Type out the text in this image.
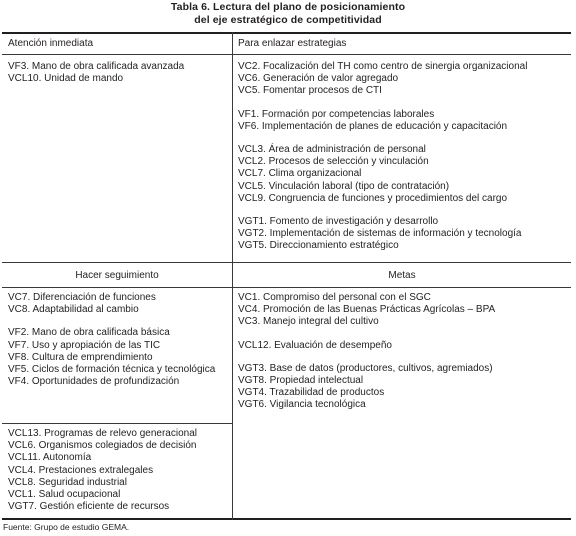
Tabla 6. Lectura del plano de posicionamiento
del eje estratégico de competitividad
Atención inmediata	Para enlazar estrategias
Hacer seguimiento	Metas
VF3. Mano de obra calificada avanzada
VCL10. Unidad de mando
VC2. Focalización del TH como centro de sinergia organizacional
VC6. Generación de valor agregado
VC5. Fomentar procesos de CTI
VF1. Formación por competencias laborales
VF6. Implementación de planes de educación y capacitación
VCL3. Área de administración de personal
VCL2. Procesos de selección y vinculación
VCL7. Clima organizacional
VCL5. Vinculación laboral (tipo de contratación)
VCL9. Congruencia de funciones y procedimientos del cargo
VGT1. Fomento de investigación y desarrollo
VGT2. Implementación de sistemas de información y tecnología
VGT5. Direccionamiento estratégico
VC7. Diferenciación de funciones
VC8. Adaptabilidad al cambio
VF2. Mano de obra calificada básica
VF7. Uso y apropiación de las TIC
VF8. Cultura de emprendimiento
VF5. Ciclos de formación técnica y tecnológica
VF4. Oportunidades de profundización
VCL13. Programas de relevo generacional
VCL6. Organismos colegiados de decisión
VCL11. Autonomía
VCL4. Prestaciones extralegales
VCL8. Seguridad industrial
VCL1. Salud ocupacional
VGT7. Gestión eficiente de recursos
VC1. Compromiso del personal con el SGC
VC4. Promoción de las Buenas Prácticas Agrícolas – BPA
VC3. Manejo integral del cultivo
VCL12. Evaluación de desempeño
VGT3. Base de datos (productores, cultivos, agremiados)
VGT8. Propiedad intelectual
VGT4. Trazabilidad de productos
VGT6. Vigilancia tecnológica
Fuente: Grupo de estudio GEMA.
